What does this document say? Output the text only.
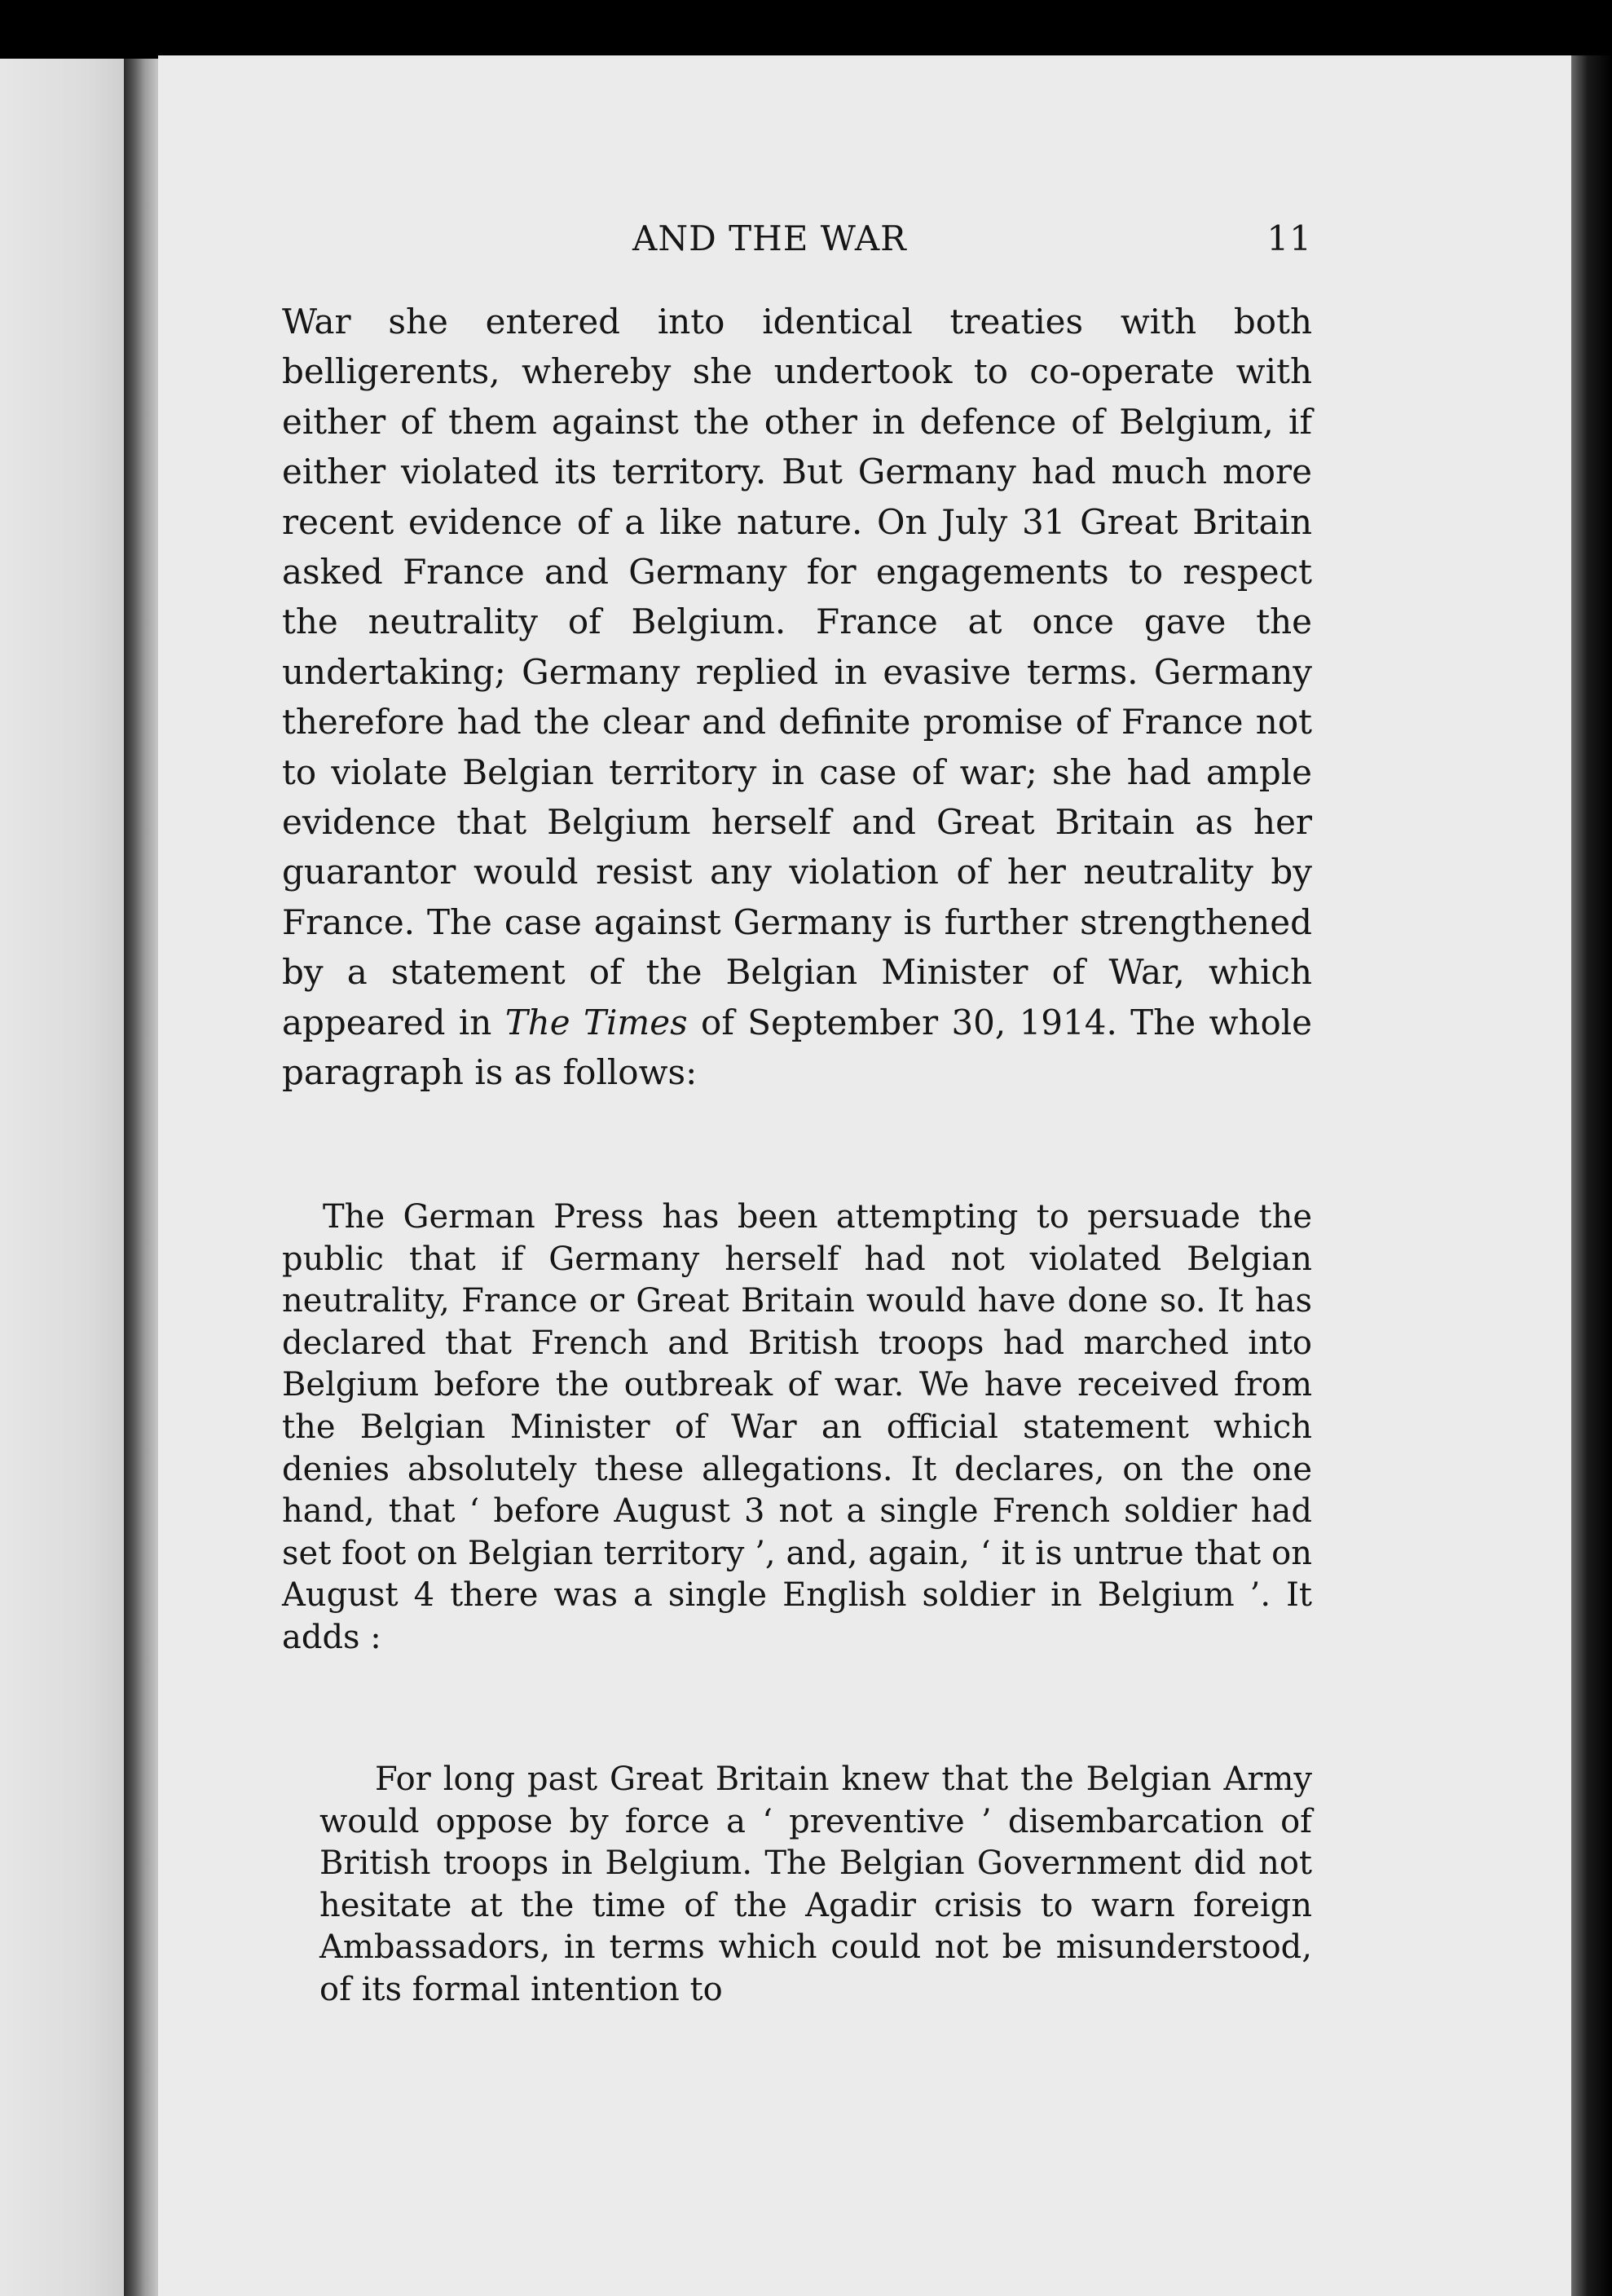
AND THE WAR	11

War she entered into identical treaties with both belligerents, whereby she undertook to co-operate with either of them against the other in defence of Belgium, if either violated its territory. But Germany had much more recent evidence of a like nature. On July 31 Great Britain asked France and Germany for engagements to respect the neutrality of Belgium. France at once gave the undertaking; Germany replied in evasive terms. Germany therefore had the clear and definite promise of France not to violate Belgian territory in case of war; she had ample evidence that Belgium herself and Great Britain as her guarantor would resist any violation of her neutrality by France. The case against Germany is further strengthened by a statement of the Belgian Minister of War, which appeared in The Times of September 30, 1914. The whole paragraph is as follows:

The German Press has been attempting to persuade the public that if Germany herself had not violated Belgian neutrality, France or Great Britain would have done so. It has declared that French and British troops had marched into Belgium before the outbreak of war. We have received from the Belgian Minister of War an official statement which denies absolutely these allegations. It declares, on the one hand, that ‘ before August 3 not a single French soldier had set foot on Belgian territory ’, and, again, ‘ it is untrue that on August 4 there was a single English soldier in Belgium ’. It adds :

For long past Great Britain knew that the Belgian Army would oppose by force a ‘ preventive ’ disembarcation of British troops in Belgium. The Belgian Government did not hesitate at the time of the Agadir crisis to warn foreign Ambassadors, in terms which could not be misunderstood, of its formal intention to
